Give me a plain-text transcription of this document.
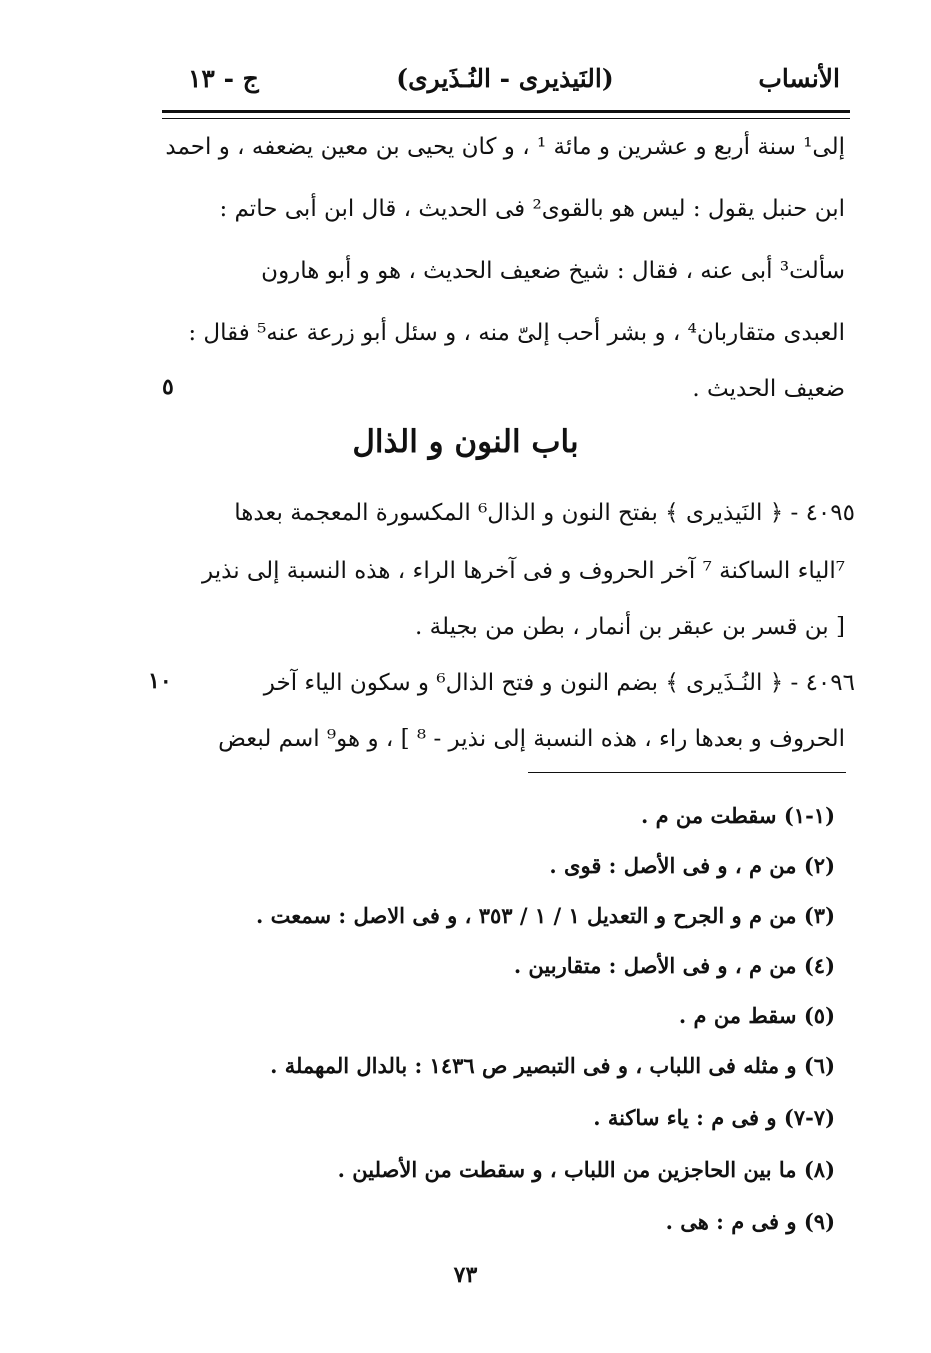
الأنساب
(النَيذيرى - النُـذَيرى)
ج - ١٣
إلى¹ سنة أربع و عشرين و مائة ¹ ، و كان يحيى بن معين يضعفه ، و احمد
ابن حنبل يقول : ليس هو بالقوى² فى الحديث ، قال ابن أبى حاتم :
سألت³ أبى عنه ، فقال : شيخ ضعيف الحديث ، هو و أبو هارون
العبدى متقاربان⁴ ، و بشر أحب إلىّ منه ، و سئل أبو زرعة عنه⁵ فقال :
ضعيف الحديث .
٥
باب النون و الذال
٤٠٩٥ - ﴿ النَيذيرى ﴾ بفتح النون و الذال⁶ المكسورة المعجمة بعدها
⁷الياء الساكنة ⁷ آخر الحروف و فى آخرها الراء ، هذه النسبة إلى نذير
[ بن قسر بن عبقر بن أنمار ، بطن من بجيلة .
٤٠٩٦ - ﴿ النُـذَيرى ﴾ بضم النون و فتح الذال⁶ و سكون الياء آخر
١٠
الحروف و بعدها راء ، هذه النسبة إلى نذير - ⁸ ] ، و هو⁹ اسم لبعض
(١-١) سقطت من م .
(٢) من م ، و فى الأصل : قوى .
(٣) من م و الجرح و التعديل ١ / ١ / ٣٥٣ ، و فى الاصل : سمعت .
(٤) من م ، و فى الأصل : متقاربين .
(٥) سقط من م .
(٦) و مثله فى اللباب ، و فى التبصير ص ١٤٣٦ : بالدال المهملة .
(٧-٧) و فى م : ياء ساكنة .
(٨) ما بين الحاجزين من اللباب ، و سقطت من الأصلين .
(٩) و فى م : هى .
٧٣
